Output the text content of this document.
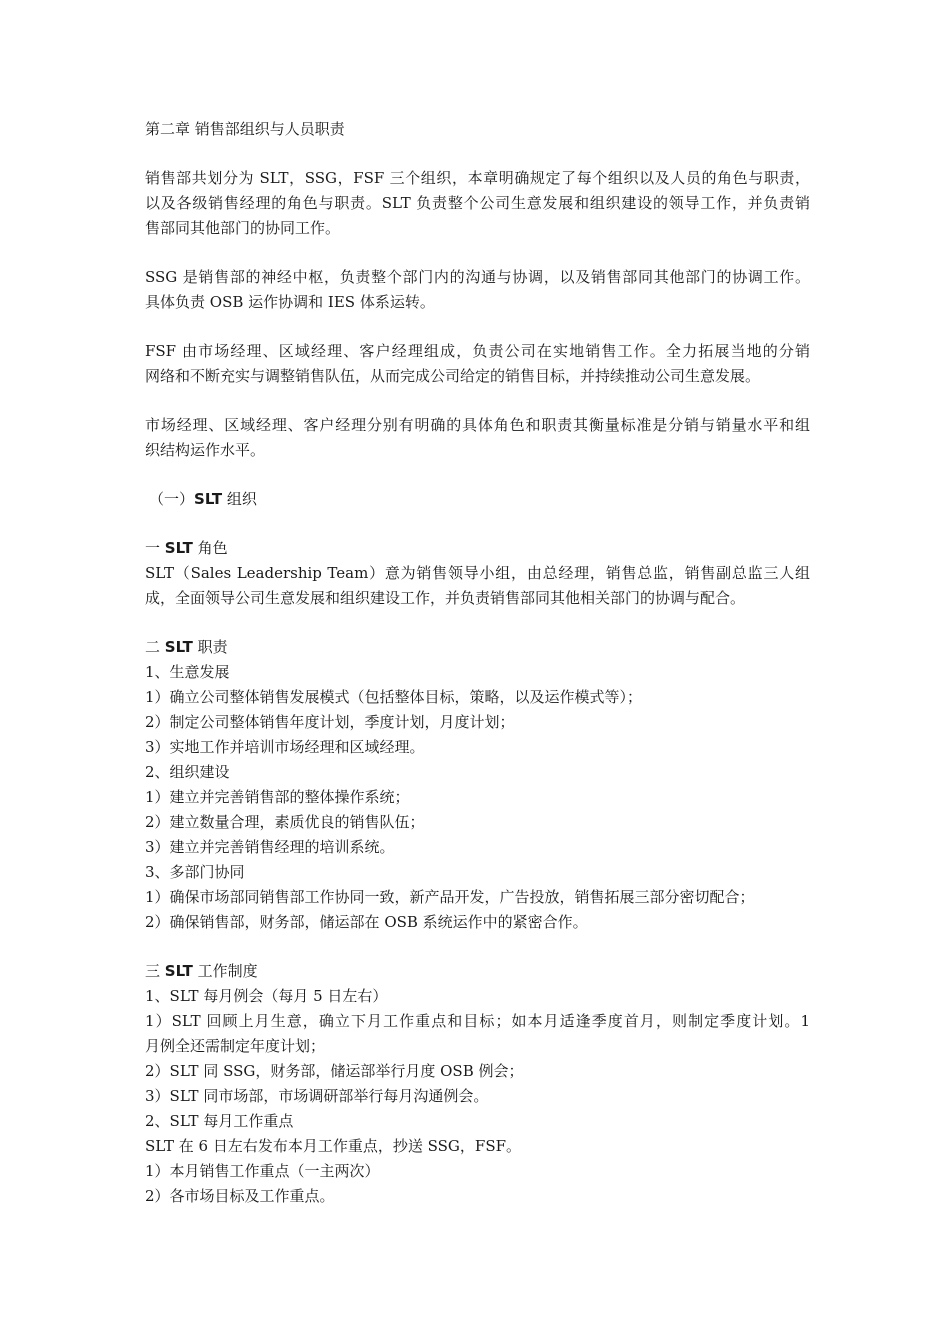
第二章 销售部组织与人员职责
销售部共划分为 SLT，SSG，FSF 三个组织，本章明确规定了每个组织以及人员的角色与职责，
以及各级销售经理的角色与职责。SLT 负责整个公司生意发展和组织建设的领导工作，并负责销
售部同其他部门的协同工作。
SSG 是销售部的神经中枢，负责整个部门内的沟通与协调，以及销售部同其他部门的协调工作。
具体负责 OSB 运作协调和 IES 体系运转。
FSF 由市场经理、区域经理、客户经理组成，负责公司在实地销售工作。全力拓展当地的分销
网络和不断充实与调整销售队伍，从而完成公司给定的销售目标，并持续推动公司生意发展。
市场经理、区域经理、客户经理分别有明确的具体角色和职责其衡量标准是分销与销量水平和组
织结构运作水平。
（一）SLT 组织
一 SLT 角色
SLT（Sales Leadership Team）意为销售领导小组，由总经理，销售总监，销售副总监三人组
成，全面领导公司生意发展和组织建设工作，并负责销售部同其他相关部门的协调与配合。
二 SLT 职责
1、生意发展
1）确立公司整体销售发展模式（包括整体目标，策略，以及运作模式等）；
2）制定公司整体销售年度计划，季度计划，月度计划；
3）实地工作并培训市场经理和区域经理。
2、组织建设
1）建立并完善销售部的整体操作系统；
2）建立数量合理，素质优良的销售队伍；
3）建立并完善销售经理的培训系统。
3、多部门协同
1）确保市场部同销售部工作协同一致，新产品开发，广告投放，销售拓展三部分密切配合；
2）确保销售部，财务部，储运部在 OSB 系统运作中的紧密合作。
三 SLT 工作制度
1、SLT 每月例会（每月 5 日左右）
1）SLT 回顾上月生意，确立下月工作重点和目标；如本月适逢季度首月，则制定季度计划。1
月例全还需制定年度计划；
2）SLT 同 SSG，财务部，储运部举行月度 OSB 例会；
3）SLT 同市场部，市场调研部举行每月沟通例会。
2、SLT 每月工作重点
SLT 在 6 日左右发布本月工作重点，抄送 SSG，FSF。
1）本月销售工作重点（一主两次）
2）各市场目标及工作重点。
